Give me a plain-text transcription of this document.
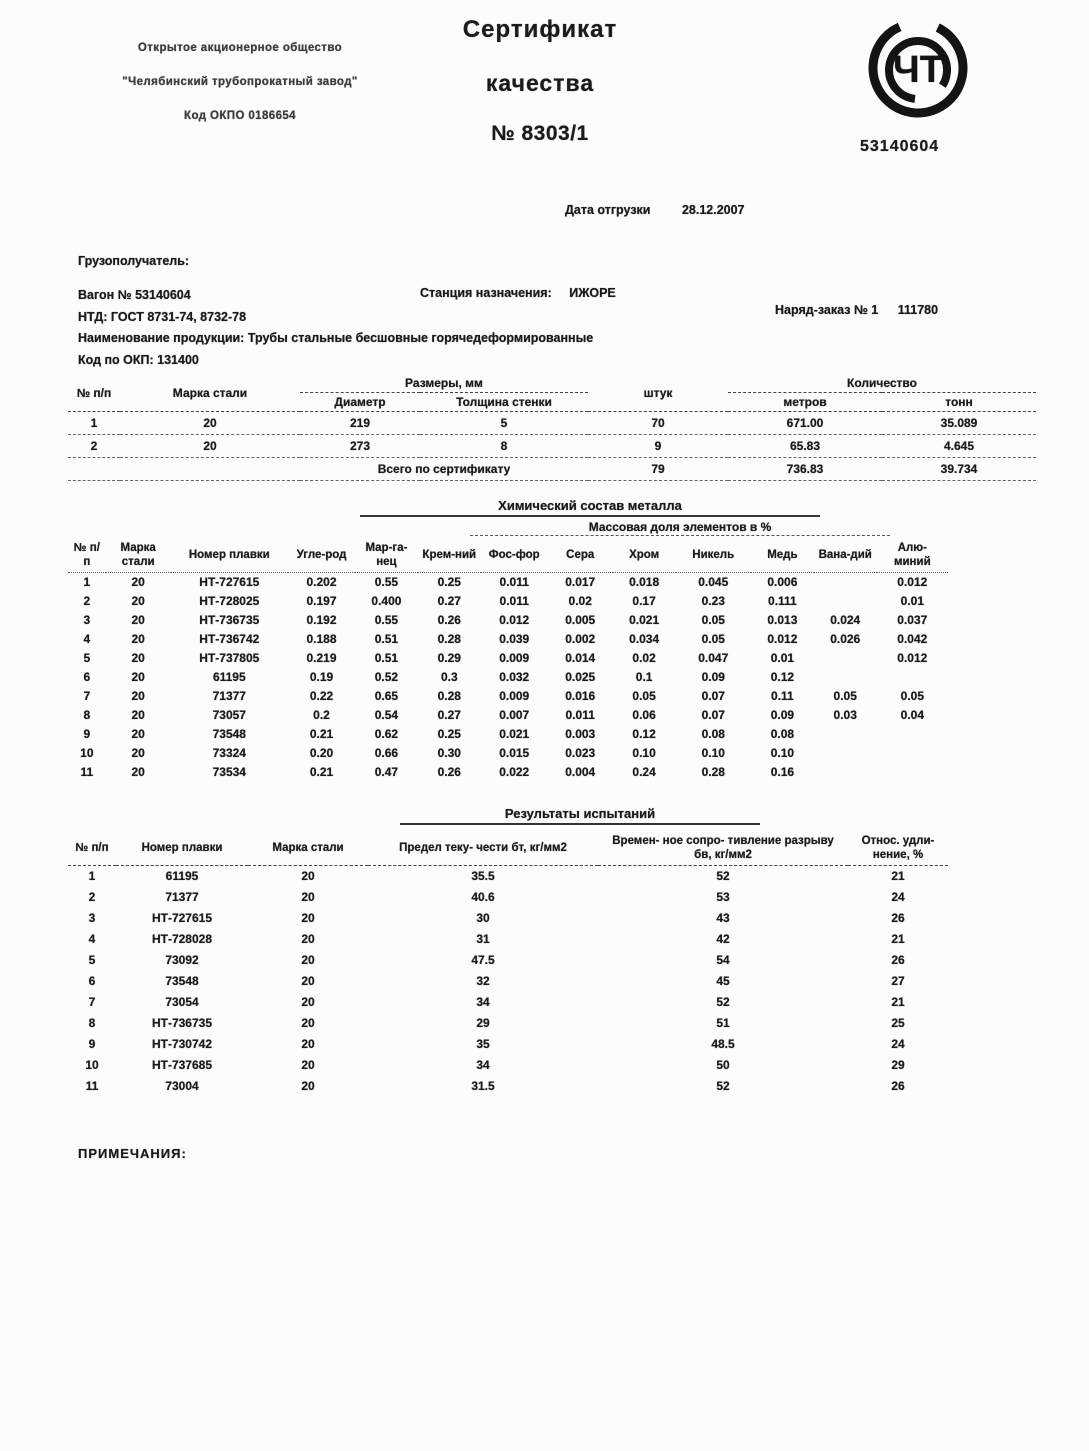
Открытое акционерное общество
"Челябинский трубопрокатный завод"
Код ОКПО 0186654
Сертификат
качества
№ 8303/1
ЧТ
53140604
Дата отгрузки	28.12.2007
Грузополучатель:
Вагон № 53140604	Станция назначения: ИЖОРЕ
Наряд-заказ № 1 111780
НТД: ГОСТ 8731-74, 8732-78
Наименование продукции: Трубы стальные бесшовные горячедеформированные
Код по ОКП: 131400
№ п/п	Марка стали	Размеры, мм		штук	Количество	
		Диаметр	Толщина стенки		метров	тонн
1	20	219	5	70	671.00	35.089
2	20	273	8	9	65.83	4.645
		Всего по сертификату		79	736.83	39.734
Химический состав металла
Массовая доля элементов в %
№ п/п	Марка стали	Номер плавки	Угле-род	Мар-га-нец	Крем-ний	Фос-фор	Сера	Хром	Никель	Медь	Вана-дий	Алю-миний
1	20	НТ-727615	0.202	0.55	0.25	0.011	0.017	0.018	0.045	0.006		0.012
2	20	НТ-728025	0.197	0.400	0.27	0.011	0.02	0.17	0.23	0.111		0.01
3	20	НТ-736735	0.192	0.55	0.26	0.012	0.005	0.021	0.05	0.013	0.024	0.037
4	20	НТ-736742	0.188	0.51	0.28	0.039	0.002	0.034	0.05	0.012	0.026	0.042
5	20	НТ-737805	0.219	0.51	0.29	0.009	0.014	0.02	0.047	0.01		0.012
6	20	61195	0.19	0.52	0.3	0.032	0.025	0.1	0.09	0.12		
7	20	71377	0.22	0.65	0.28	0.009	0.016	0.05	0.07	0.11	0.05	0.05
8	20	73057	0.2	0.54	0.27	0.007	0.011	0.06	0.07	0.09	0.03	0.04
9	20	73548	0.21	0.62	0.25	0.021	0.003	0.12	0.08	0.08		
10	20	73324	0.20	0.66	0.30	0.015	0.023	0.10	0.10	0.10		
11	20	73534	0.21	0.47	0.26	0.022	0.004	0.24	0.28	0.16		
Результаты испытаний
№ п/п	Номер плавки	Марка стали	Предел теку- чести бт, кг/мм2	Времен- ное сопро- тивление разрыву бв, кг/мм2	Относ. удли- нение, %
1	61195	20	35.5	52	21
2	71377	20	40.6	53	24
3	НТ-727615	20	30	43	26
4	НТ-728028	20	31	42	21
5	73092	20	47.5	54	26
6	73548	20	32	45	27
7	73054	20	34	52	21
8	НТ-736735	20	29	51	25
9	НТ-730742	20	35	48.5	24
10	НТ-737685	20	34	50	29
11	73004	20	31.5	52	26
ПРИМЕЧАНИЯ:
